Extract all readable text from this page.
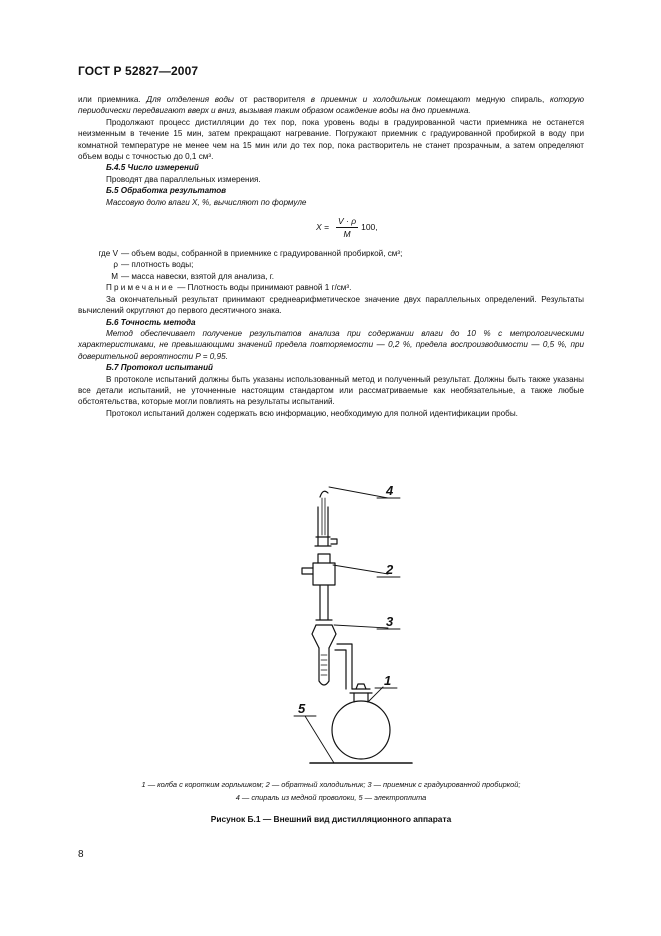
ГОСТ Р 52827—2007

или приемника. Для отделения воды от растворителя в приемник и холодильник помещают медную спираль, которую периодически передвигают вверх и вниз, вызывая таким образом осаждение воды на дно приемника.

Продолжают процесс дистилляции до тех пор, пока уровень воды в градуированной части приемника не останется неизменным в течение 15 мин, затем прекращают нагревание. Погружают приемник с градуированной пробиркой в воду при комнатной температуре не менее чем на 15 мин или до тех пор, пока растворитель не станет прозрачным, а затем определяют объем воды с точностью до 0,1 см³.

Б.4.5 Число измерений

Проводят два параллельных измерения.

Б.5 Обработка результатов

Массовую долю влаги X, %, вычисляют по формуле

$X = \frac{V \cdot \rho}{M} 100$,
где V — объем воды, собранной в приемнике с градуированной пробиркой, см³;
ρ — плотность воды;
M — масса навески, взятой для анализа, г.

Примечание — Плотность воды принимают равной 1 г/см³.

За окончательный результат принимают среднеарифметическое значение двух параллельных определений. Результаты вычислений округляют до первого десятичного знака.

Б.6 Точность метода

Метод обеспечивает получение результатов анализа при содержании влаги до 10 % с метрологическими характеристиками, не превышающими значений предела повторяемости — 0,2 %, предела воспроизводимости — 0,5 %, при доверительной вероятности P = 0,95.

Б.7 Протокол испытаний

В протоколе испытаний должны быть указаны использованный метод и полученный результат. Должны быть также указаны все детали испытаний, не уточненные настоящим стандартом или рассматриваемые как необязательные, а также любые обстоятельства, которые могли повлиять на результаты испытаний.

Протокол испытаний должен содержать всю информацию, необходимую для полной идентификации пробы.

4
2
3
1
5
1 — колба с коротким горлышком; 2 — обратный холодильник; 3 — приемник с градуированной пробиркой;
4 — спираль из медной проволоки, 5 — электроплита
Рисунок Б.1 — Внешний вид дистилляционного аппарата
8
